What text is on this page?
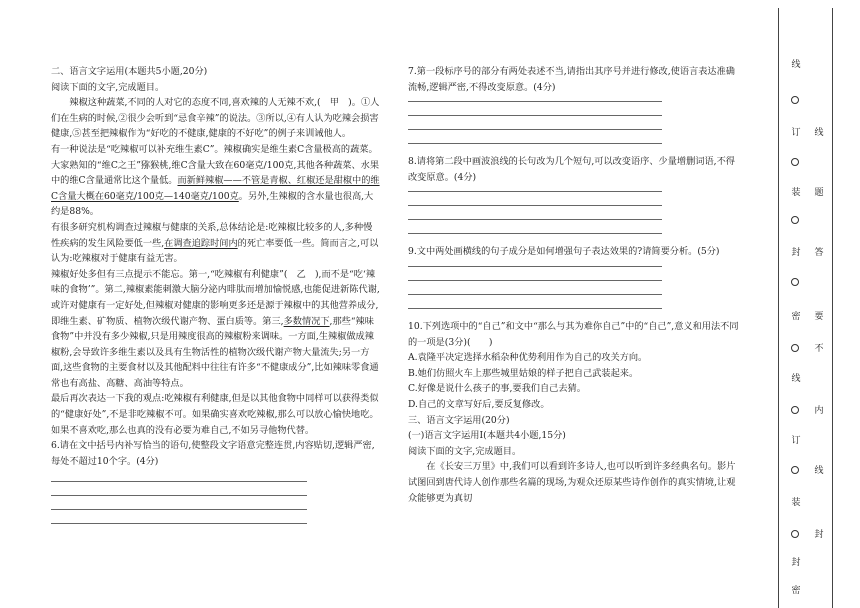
二、语言文字运用(本题共5小题,20分)

阅读下面的文字,完成题目。

辣椒这种蔬菜,不同的人对它的态度不同,喜欢辣的人无辣不欢,(　甲　)。①人们在生病的时候,②很少会听到“忌食辛辣”的说法。③所以,④有人认为吃辣会损害健康,⑤甚至把辣椒作为“好吃的不健康,健康的不好吃”的例子来训诫他人。

有一种说法是“吃辣椒可以补充维生素C”。辣椒确实是维生素C含量极高的蔬菜。大家熟知的“维C之王”猕猴桃,维C含量大致在60毫克/100克,其他各种蔬菜、水果中的维C含量通常比这个量低。而新鲜辣椒——不管是青椒、红椒还是甜椒中的维C含量大概在60毫克/100克—140毫克/100克。另外,生辣椒的含水量也很高,大约是88%。

有很多研究机构调查过辣椒与健康的关系,总体结论是:吃辣椒比较多的人,多种慢性疾病的发生风险要低一些,在调查追踪时间内的死亡率要低一些。简而言之,可以认为:吃辣椒对于健康有益无害。

辣椒好处多但有三点提示不能忘。第一,“吃辣椒有利健康”(　乙　),而不是“吃‘辣味的食物’”。第二,辣椒素能刺激大脑分泌内啡肽而增加愉悦感,也能促进新陈代谢,或许对健康有一定好处,但辣椒对健康的影响更多还是源于辣椒中的其他营养成分,即维生素、矿物质、植物次级代谢产物、蛋白质等。第三,多数情况下,那些“辣味食物”中并没有多少辣椒,只是用辣度很高的辣椒粉来调味。一方面,生辣椒做成辣椒粉,会导致许多维生素以及具有生物活性的植物次级代谢产物大量流失;另一方面,这些食物的主要食材以及其他配料中往往有许多“不健康成分”,比如辣味零食通常也有高盐、高糖、高油等特点。

最后再次表达一下我的观点:吃辣椒有利健康,但是以其他食物中同样可以获得类似的“健康好处”,不是非吃辣椒不可。如果确实喜欢吃辣椒,那么可以放心愉快地吃。如果不喜欢吃,那么也真的没有必要为难自己,不如另寻他物代替。

6.请在文中括号内补写恰当的语句,使整段文字语意完整连贯,内容贴切,逻辑严密,每处不超过10个字。(4分)

7.第一段标序号的部分有两处表述不当,请指出其序号并进行修改,使语言表达准确流畅,逻辑严密,不得改变原意。(4分)

8.请将第二段中画波浪线的长句改为几个短句,可以改变语序、少量增删词语,不得改变原意。(4分)

9.文中两处画横线的句子成分是如何增强句子表达效果的?请简要分析。(5分)

10.下列选项中的“自己”和文中“那么与其为难你自己”中的“自己”,意义和用法不同的一项是(3分)(　　)

A.袁隆平决定选择水稻杂种优势利用作为自己的攻关方向。

B.她们仿照火车上那些城里姑娘的样子把自己武装起来。

C.好像是说什么孩子的事,要我们自己去猜。

D.自己的文章写好后,要反复修改。

三、语言文字运用(20分)

(一)语言文字运用Ⅰ(本题共4小题,15分)

阅读下面的文字,完成题目。

在《长安三万里》中,我们可以看到许多诗人,也可以听到许多经典名句。影片试图回到唐代诗人创作那些名篇的现场,为观众还原某些诗作创作的真实情境,让观众能够更为真切

线
订
装
封
密
线
订
装
封
密
线
题
答
要
不
内
线
封
